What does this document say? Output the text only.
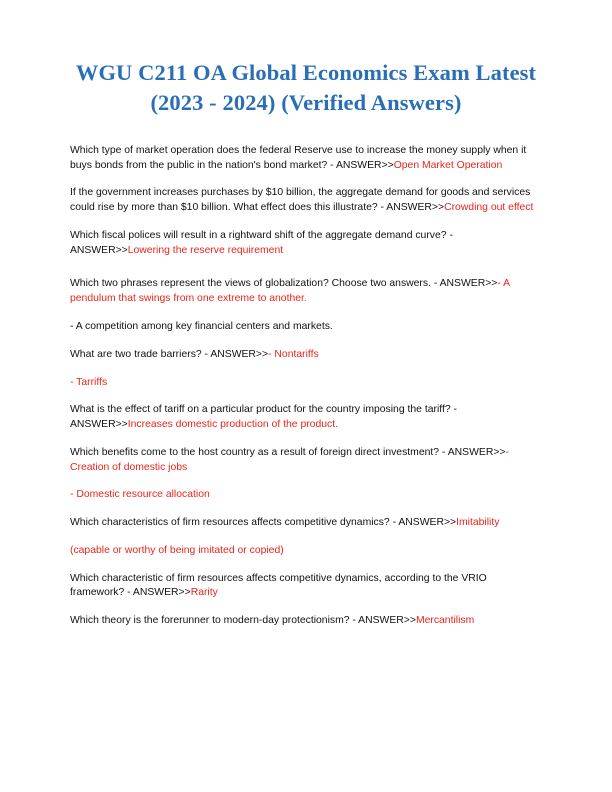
WGU C211 OA Global Economics Exam Latest (2023 - 2024) (Verified Answers)

Which type of market operation does the federal Reserve use to increase the money supply when it buys bonds from the public in the nation's bond market? - ANSWER>>Open Market Operation

If the government increases purchases by $10 billion, the aggregate demand for goods and services could rise by more than $10 billion. What effect does this illustrate? - ANSWER>>Crowding out effect

Which fiscal polices will result in a rightward shift of the aggregate demand curve? - ANSWER>>Lowering the reserve requirement

Which two phrases represent the views of globalization? Choose two answers. - ANSWER>>- A pendulum that swings from one extreme to another.

- A competition among key financial centers and markets.

What are two trade barriers? - ANSWER>>- Nontariffs

- Tarriffs

What is the effect of tariff on a particular product for the country imposing the tariff? - ANSWER>>Increases domestic production of the product.

Which benefits come to the host country as a result of foreign direct investment? - ANSWER>>- Creation of domestic jobs

- Domestic resource allocation

Which characteristics of firm resources affects competitive dynamics? - ANSWER>>Imitability

(capable or worthy of being imitated or copied)

Which characteristic of firm resources affects competitive dynamics, according to the VRIO framework? - ANSWER>>Rarity

Which theory is the forerunner to modern-day protectionism? - ANSWER>>Mercantilism
